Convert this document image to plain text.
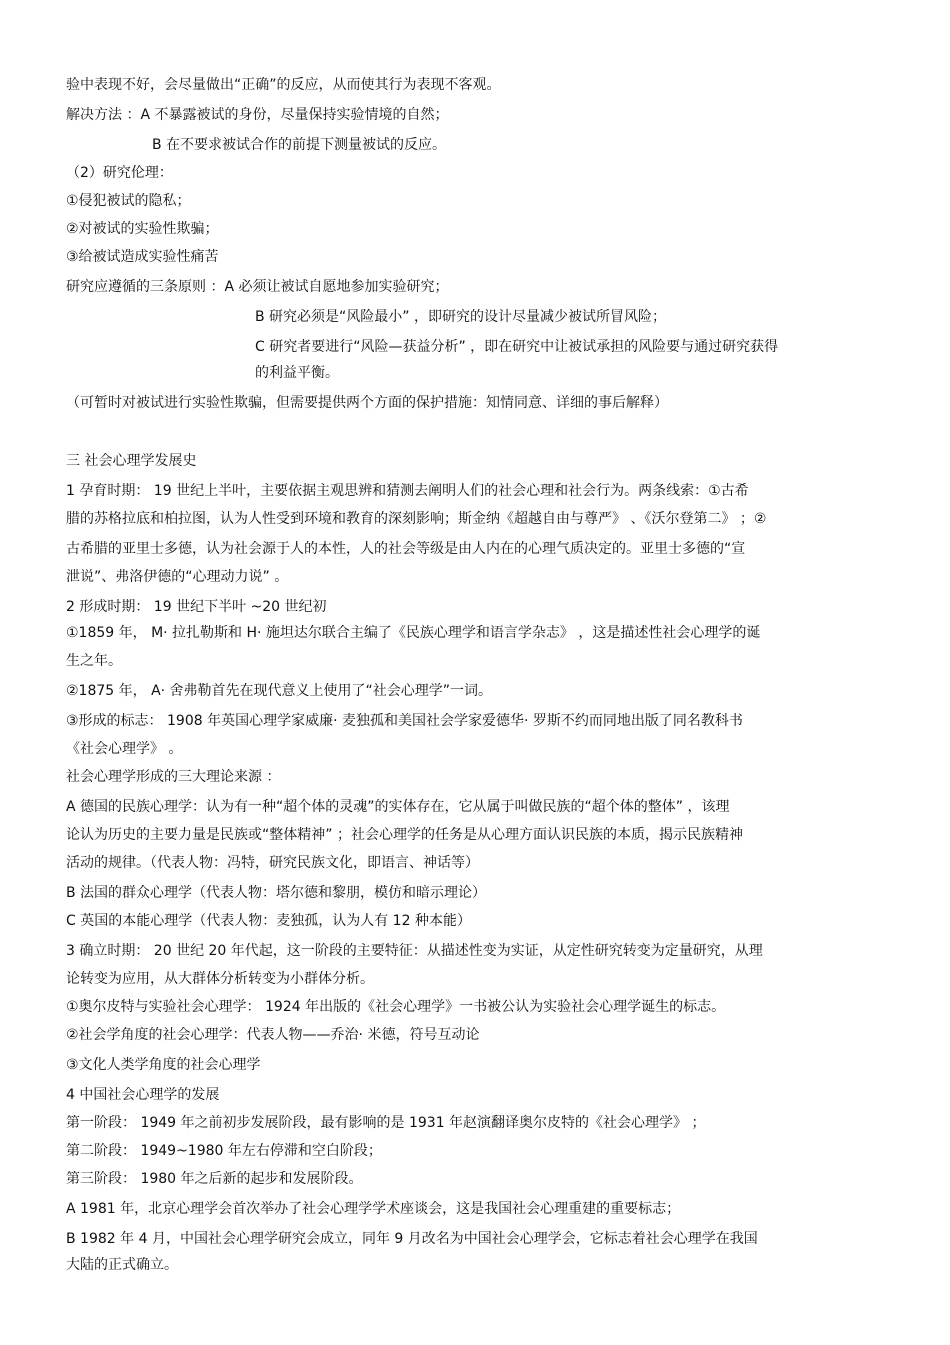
验中表现不好，会尽量做出“正确”的反应，从而使其行为表现不客观。
解决方法 ：A 不暴露被试的身份，尽量保持实验情境的自然；
B 在不要求被试合作的前提下测量被试的反应。
（2）研究伦理：
①侵犯被试的隐私；
②对被试的实验性欺骗；
③给被试造成实验性痛苦
研究应遵循的三条原则 ：A 必须让被试自愿地参加实验研究；
B 研究必须是“风险最小” ，即研究的设计尽量减少被试所冒风险；
C 研究者要进行“风险—获益分析” ，即在研究中让被试承担的风险要与通过研究获得
的利益平衡。
（可暂时对被试进行实验性欺骗，但需要提供两个方面的保护措施：知情同意、详细的事后解释）
三 社会心理学发展史
1 孕育时期： 19 世纪上半叶，主要依据主观思辨和猜测去阐明人们的社会心理和社会行为。两条线索：①古希
腊的苏格拉底和柏拉图，认为人性受到环境和教育的深刻影响；斯金纳《超越自由与尊严》 、《沃尔登第二》 ；②
古希腊的亚里士多德，认为社会源于人的本性，人的社会等级是由人内在的心理气质决定的。亚里士多德的“宣
泄说”、弗洛伊德的“心理动力说” 。
2 形成时期： 19 世纪下半叶 ~20 世纪初
①1859 年， M· 拉扎勒斯和 H· 施坦达尔联合主编了《民族心理学和语言学杂志》 ，这是描述性社会心理学的诞
生之年。
②1875 年， A· 舍弗勒首先在现代意义上使用了“社会心理学”一词。
③形成的标志： 1908 年英国心理学家威廉· 麦独孤和美国社会学家爱德华· 罗斯不约而同地出版了同名教科书
《社会心理学》 。
社会心理学形成的三大理论来源 ：
A 德国的民族心理学：认为有一种“超个体的灵魂”的实体存在，它从属于叫做民族的“超个体的整体” ，该理
论认为历史的主要力量是民族或“整体精神” ；社会心理学的任务是从心理方面认识民族的本质，揭示民族精神
活动的规律。（代表人物：冯特，研究民族文化，即语言、神话等）
B 法国的群众心理学（代表人物：塔尔德和黎朋，模仿和暗示理论）
C 英国的本能心理学（代表人物：麦独孤，认为人有 12 种本能）
3 确立时期： 20 世纪 20 年代起，这一阶段的主要特征：从描述性变为实证，从定性研究转变为定量研究，从理
论转变为应用，从大群体分析转变为小群体分析。
①奥尔皮特与实验社会心理学： 1924 年出版的《社会心理学》一书被公认为实验社会心理学诞生的标志。
②社会学角度的社会心理学：代表人物——乔治· 米德，符号互动论
③文化人类学角度的社会心理学
4 中国社会心理学的发展
第一阶段： 1949 年之前初步发展阶段，最有影响的是 1931 年赵演翻译奥尔皮特的《社会心理学》 ；
第二阶段： 1949~1980 年左右停滞和空白阶段；
第三阶段： 1980 年之后新的起步和发展阶段。
A 1981 年，北京心理学会首次举办了社会心理学学术座谈会，这是我国社会心理重建的重要标志；
B 1982 年 4 月，中国社会心理学研究会成立，同年 9 月改名为中国社会心理学会，它标志着社会心理学在我国
大陆的正式确立。
